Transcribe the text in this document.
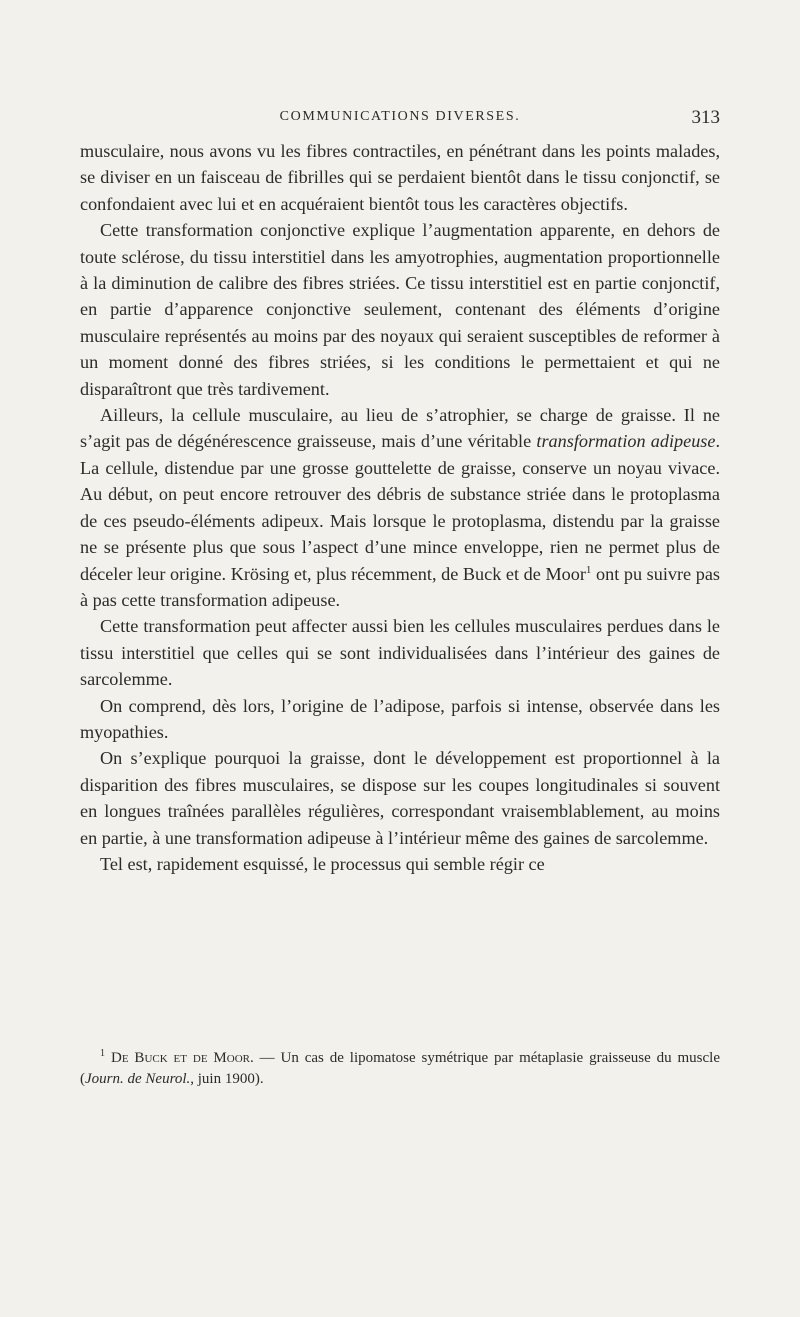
COMMUNICATIONS DIVERSES.	313

musculaire, nous avons vu les fibres contractiles, en pénétrant dans les points malades, se diviser en un faisceau de fibrilles qui se perdaient bientôt dans le tissu conjonctif, se confondaient avec lui et en acquéraient bientôt tous les caractères objectifs.

Cette transformation conjonctive explique l’augmentation apparente, en dehors de toute sclérose, du tissu interstitiel dans les amyotrophies, augmentation proportionnelle à la diminution de calibre des fibres striées. Ce tissu interstitiel est en partie conjonctif, en partie d’apparence conjonctive seulement, contenant des éléments d’origine musculaire représentés au moins par des noyaux qui seraient susceptibles de reformer à un moment donné des fibres striées, si les conditions le permettaient et qui ne disparaîtront que très tardivement.

Ailleurs, la cellule musculaire, au lieu de s’atrophier, se charge de graisse. Il ne s’agit pas de dégénérescence graisseuse, mais d’une véritable transformation adipeuse. La cellule, distendue par une grosse gouttelette de graisse, conserve un noyau vivace. Au début, on peut encore retrouver des débris de substance striée dans le protoplasma de ces pseudo-éléments adipeux. Mais lorsque le protoplasma, distendu par la graisse ne se présente plus que sous l’aspect d’une mince enveloppe, rien ne permet plus de déceler leur origine. Krösing et, plus récemment, de Buck et de Moor$^1$ ont pu suivre pas à pas cette transformation adipeuse.

Cette transformation peut affecter aussi bien les cellules musculaires perdues dans le tissu interstitiel que celles qui se sont individualisées dans l’intérieur des gaines de sarcolemme.

On comprend, dès lors, l’origine de l’adipose, parfois si intense, observée dans les myopathies.

On s’explique pourquoi la graisse, dont le développement est proportionnel à la disparition des fibres musculaires, se dispose sur les coupes longitudinales si souvent en longues traînées parallèles régulières, correspondant vraisemblablement, au moins en partie, à une transformation adipeuse à l’intérieur même des gaines de sarcolemme.

Tel est, rapidement esquissé, le processus qui semble régir ce

$^1$ De Buck et de Moor. — Un cas de lipomatose symétrique par métaplasie graisseuse du muscle (Journ. de Neurol., juin 1900).
